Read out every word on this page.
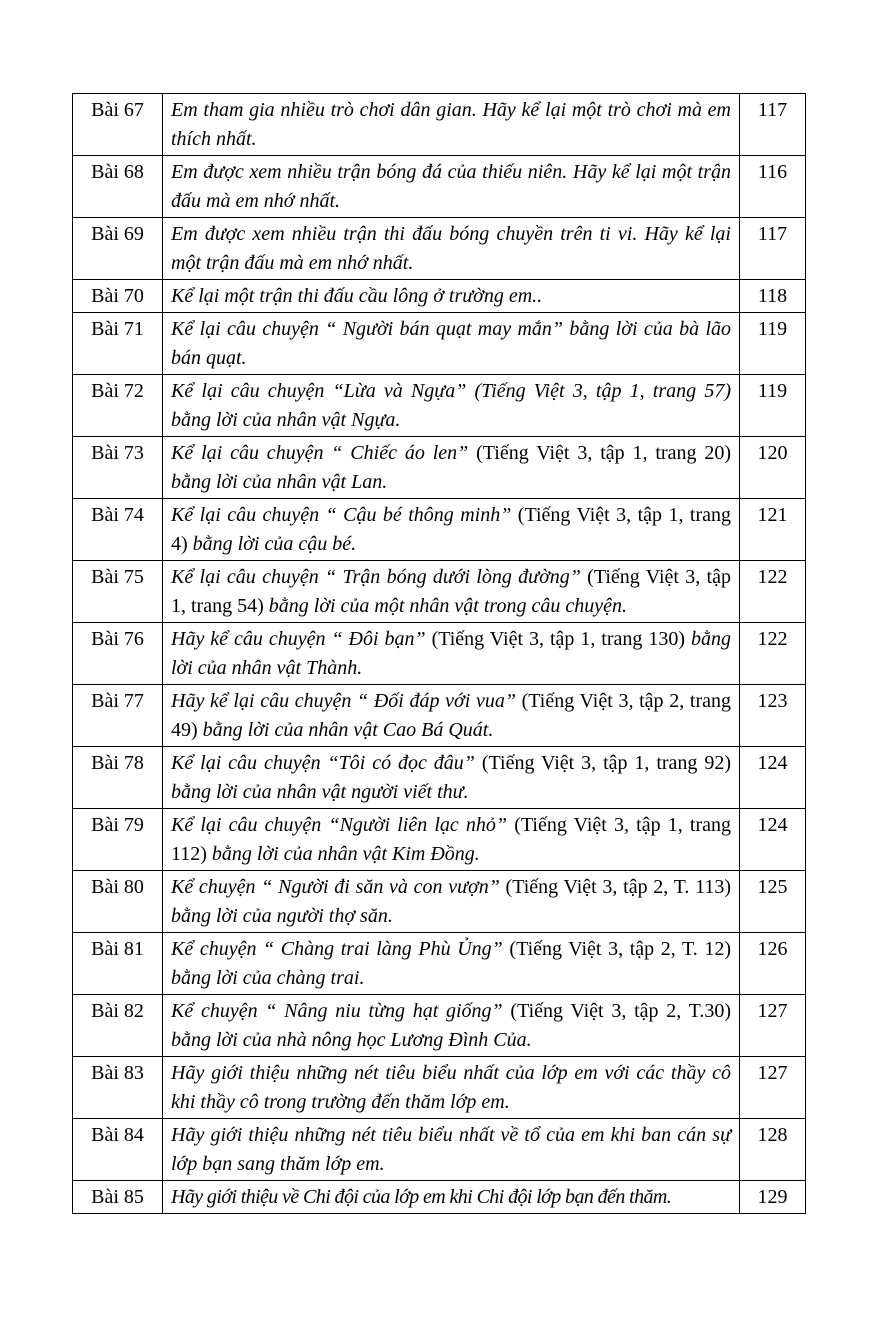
Bài 67	Em tham gia nhiều trò chơi dân gian. Hãy kể lại một trò chơi mà em thích nhất.	117
Bài 68	Em được xem nhiều trận bóng đá của thiếu niên. Hãy kể lại một trận đấu mà em nhớ nhất.	116
Bài 69	Em được xem nhiều trận thi đấu bóng chuyền trên ti vi. Hãy kể lại một trận đấu mà em nhớ nhất.	117
Bài 70	Kể lại một trận thi đấu cầu lông ở trường em..	118
Bài 71	Kể lại câu chuyện “ Người bán quạt may mắn” bằng lời của bà lão bán quạt.	119
Bài 72	Kể lại câu chuyện “Lừa và Ngựa” (Tiếng Việt 3, tập 1, trang 57) bằng lời của nhân vật Ngựa.	119
Bài 73	Kể lại câu chuyện “ Chiếc áo len” (Tiếng Việt 3, tập 1, trang 20) bằng lời của nhân vật Lan.	120
Bài 74	Kể lại câu chuyện “ Cậu bé thông minh” (Tiếng Việt 3, tập 1, trang 4) bằng lời của cậu bé.	121
Bài 75	Kể lại câu chuyện “ Trận bóng dưới lòng đường” (Tiếng Việt 3, tập 1, trang 54) bằng lời của một nhân vật trong câu chuyện.	122
Bài 76	Hãy kể câu chuyện “ Đôi bạn” (Tiếng Việt 3, tập 1, trang 130) bằng lời của nhân vật Thành.	122
Bài 77	Hãy kể lại câu chuyện “ Đối đáp với vua” (Tiếng Việt 3, tập 2, trang 49) bằng lời của nhân vật Cao Bá Quát.	123
Bài 78	Kể lại câu chuyện “Tôi có đọc đâu” (Tiếng Việt 3, tập 1, trang 92) bằng lời của nhân vật người viết thư.	124
Bài 79	Kể lại câu chuyện “Người liên lạc nhỏ” (Tiếng Việt 3, tập 1, trang 112) bằng lời của nhân vật Kim Đồng.	124
Bài 80	Kể chuyện “ Người đi săn và con vượn” (Tiếng Việt 3, tập 2, T. 113) bằng lời của người thợ săn.	125
Bài 81	Kể chuyện “ Chàng trai làng Phù Ủng” (Tiếng Việt 3, tập 2, T. 12) bằng lời của chàng trai.	126
Bài 82	Kể chuyện “ Nâng niu từng hạt giống” (Tiếng Việt 3, tập 2, T.30) bằng lời của nhà nông học Lương Đình Của.	127
Bài 83	Hãy giới thiệu những nét tiêu biểu nhất của lớp em với các thầy cô khi thầy cô trong trường đến thăm lớp em.	127
Bài 84	Hãy giới thiệu những nét tiêu biểu nhất về tổ của em khi ban cán sự lớp bạn sang thăm lớp em.	128
Bài 85	Hãy giới thiệu về Chi đội của lớp em khi Chi đội lớp bạn đến thăm.	129
